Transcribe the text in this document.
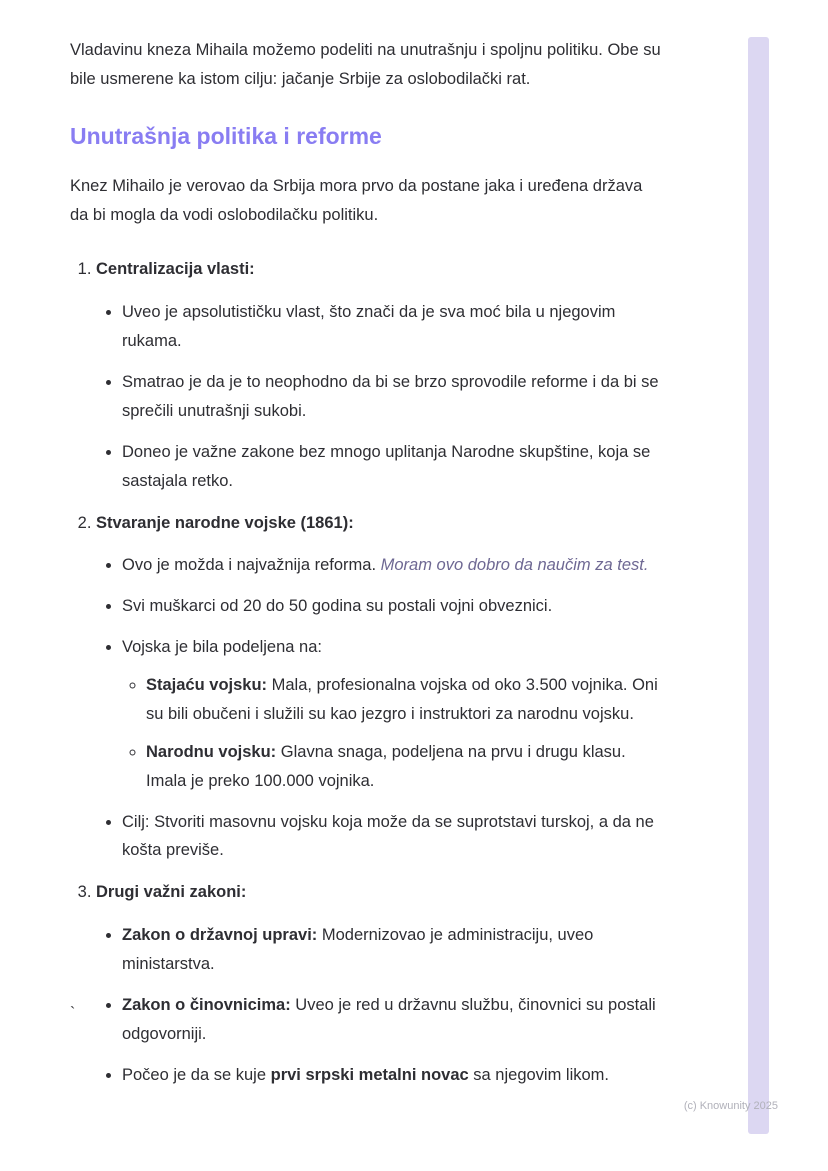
Vladavinu kneza Mihaila možemo podeliti na unutrašnju i spoljnu politiku. Obe su bile usmerene ka istom cilju: jačanje Srbije za oslobodilački rat.

Unutrašnja politika i reforme

Knez Mihailo je verovao da Srbija mora prvo da postane jaka i uređena država da bi mogla da vodi oslobodilačku politiku.

1. Centralizacija vlasti:
• Uveo je apsolutističku vlast, što znači da je sva moć bila u njegovim rukama.
• Smatrao je da je to neophodno da bi se brzo sprovodile reforme i da bi se sprečili unutrašnji sukobi.
• Doneo je važne zakone bez mnogo uplitanja Narodne skupštine, koja se sastajala retko.
2. Stvaranje narodne vojske (1861):
• Ovo je možda i najvažnija reforma. Moram ovo dobro da naučim za test.
• Svi muškarci od 20 do 50 godina su postali vojni obveznici.
• Vojska je bila podeljena na:
◦ Stajaću vojsku: Mala, profesionalna vojska od oko 3.500 vojnika. Oni su bili obučeni i služili su kao jezgro i instruktori za narodnu vojsku.
◦ Narodnu vojsku: Glavna snaga, podeljena na prvu i drugu klasu. Imala je preko 100.000 vojnika.
• Cilj: Stvoriti masovnu vojsku koja može da se suprotstavi turskoj, a da ne košta previše.
3. Drugi važni zakoni:
• Zakon o državnoj upravi: Modernizovao je administraciju, uveo ministarstva.
• Zakon o činovnicima: Uveo je red u državnu službu, činovnici su postali odgovorniji.
• Počeo je da se kuje prvi srpski metalni novac sa njegovim likom.
`
(c) Knowunity 2025
